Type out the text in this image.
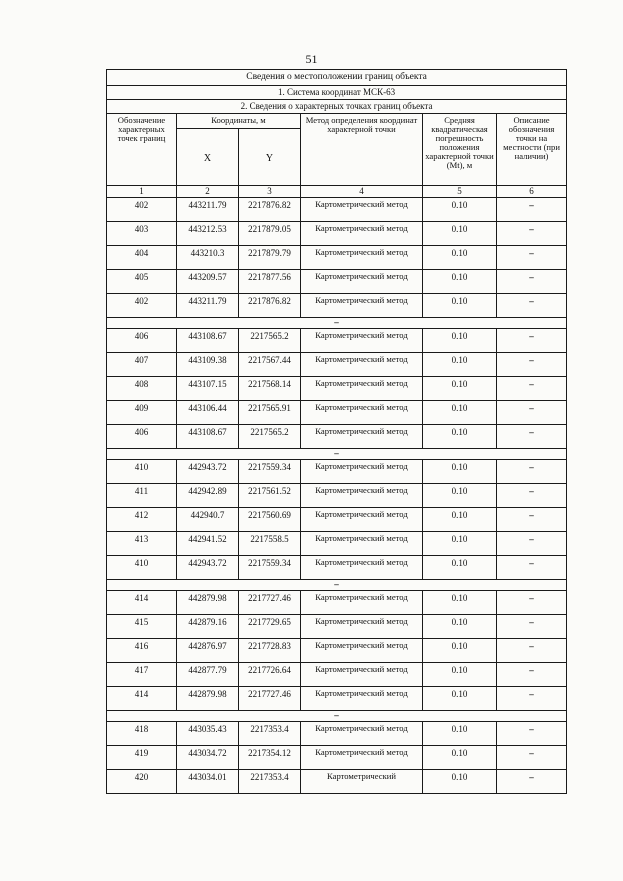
51
Сведения о местоположении границ объекта					
1. Система координат МСК-63					
2. Сведения о характерных точках границ объекта					
Обозначение характерных точек границ	Координаты, м		Метод определения координат характерной точки	Средняя квадратическая погрешность положения характерной точки (Mt), м	Описание обозначения точки на местности (при наличии)
	X	Y			
1	2	3	4	5	6
402	443211.79	2217876.82	Картометрический метод	0.10	–
403	443212.53	2217879.05	Картометрический метод	0.10	–
404	443210.3	2217879.79	Картометрический метод	0.10	–
405	443209.57	2217877.56	Картометрический метод	0.10	–
402	443211.79	2217876.82	Картометрический метод	0.10	–
–					
406	443108.67	2217565.2	Картометрический метод	0.10	–
407	443109.38	2217567.44	Картометрический метод	0.10	–
408	443107.15	2217568.14	Картометрический метод	0.10	–
409	443106.44	2217565.91	Картометрический метод	0.10	–
406	443108.67	2217565.2	Картометрический метод	0.10	–
–					
410	442943.72	2217559.34	Картометрический метод	0.10	–
411	442942.89	2217561.52	Картометрический метод	0.10	–
412	442940.7	2217560.69	Картометрический метод	0.10	–
413	442941.52	2217558.5	Картометрический метод	0.10	–
410	442943.72	2217559.34	Картометрический метод	0.10	–
–					
414	442879.98	2217727.46	Картометрический метод	0.10	–
415	442879.16	2217729.65	Картометрический метод	0.10	–
416	442876.97	2217728.83	Картометрический метод	0.10	–
417	442877.79	2217726.64	Картометрический метод	0.10	–
414	442879.98	2217727.46	Картометрический метод	0.10	–
–					
418	443035.43	2217353.4	Картометрический метод	0.10	–
419	443034.72	2217354.12	Картометрический метод	0.10	–
420	443034.01	2217353.4	Картометрический	0.10	–
